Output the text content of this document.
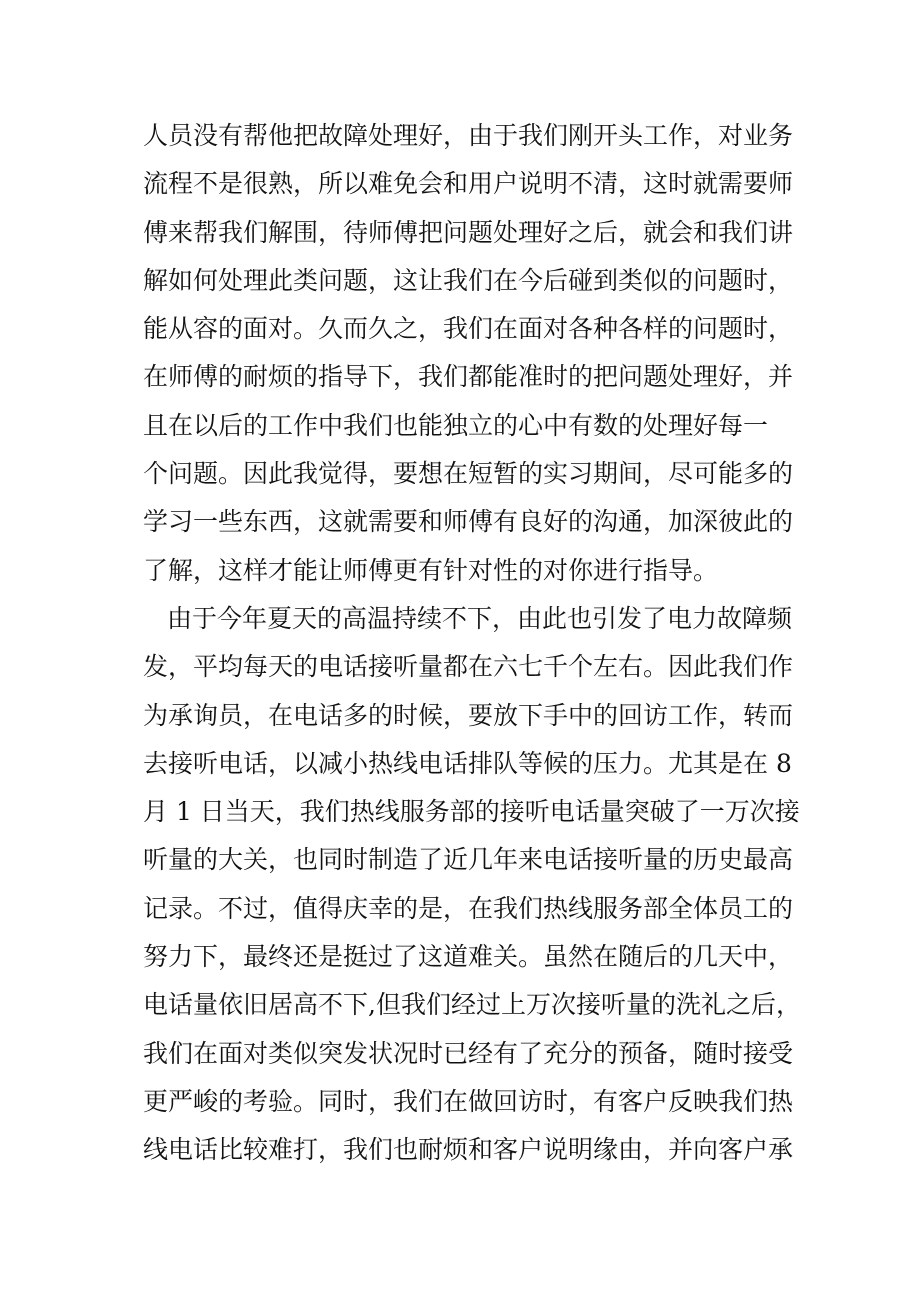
人员没有帮他把故障处理好，由于我们刚开头工作，对业务
流程不是很熟，所以难免会和用户说明不清，这时就需要师
傅来帮我们解围，待师傅把问题处理好之后，就会和我们讲
解如何处理此类问题，这让我们在今后碰到类似的问题时，
能从容的面对。久而久之，我们在面对各种各样的问题时，
在师傅的耐烦的指导下，我们都能准时的把问题处理好，并
且在以后的工作中我们也能独立的心中有数的处理好每一
个问题。因此我觉得，要想在短暂的实习期间，尽可能多的
学习一些东西，这就需要和师傅有良好的沟通，加深彼此的
了解，这样才能让师傅更有针对性的对你进行指导。
由于今年夏天的高温持续不下，由此也引发了电力故障频
发，平均每天的电话接听量都在六七千个左右。因此我们作
为承询员，在电话多的时候，要放下手中的回访工作，转而
去接听电话，以减小热线电话排队等候的压力。尤其是在 8
月 1 日当天，我们热线服务部的接听电话量突破了一万次接
听量的大关，也同时制造了近几年来电话接听量的历史最高
记录。不过，值得庆幸的是，在我们热线服务部全体员工的
努力下，最终还是挺过了这道难关。虽然在随后的几天中，
电话量依旧居高不下,但我们经过上万次接听量的洗礼之后，
我们在面对类似突发状况时已经有了充分的预备，随时接受
更严峻的考验。同时，我们在做回访时，有客户反映我们热
线电话比较难打，我们也耐烦和客户说明缘由，并向客户承
